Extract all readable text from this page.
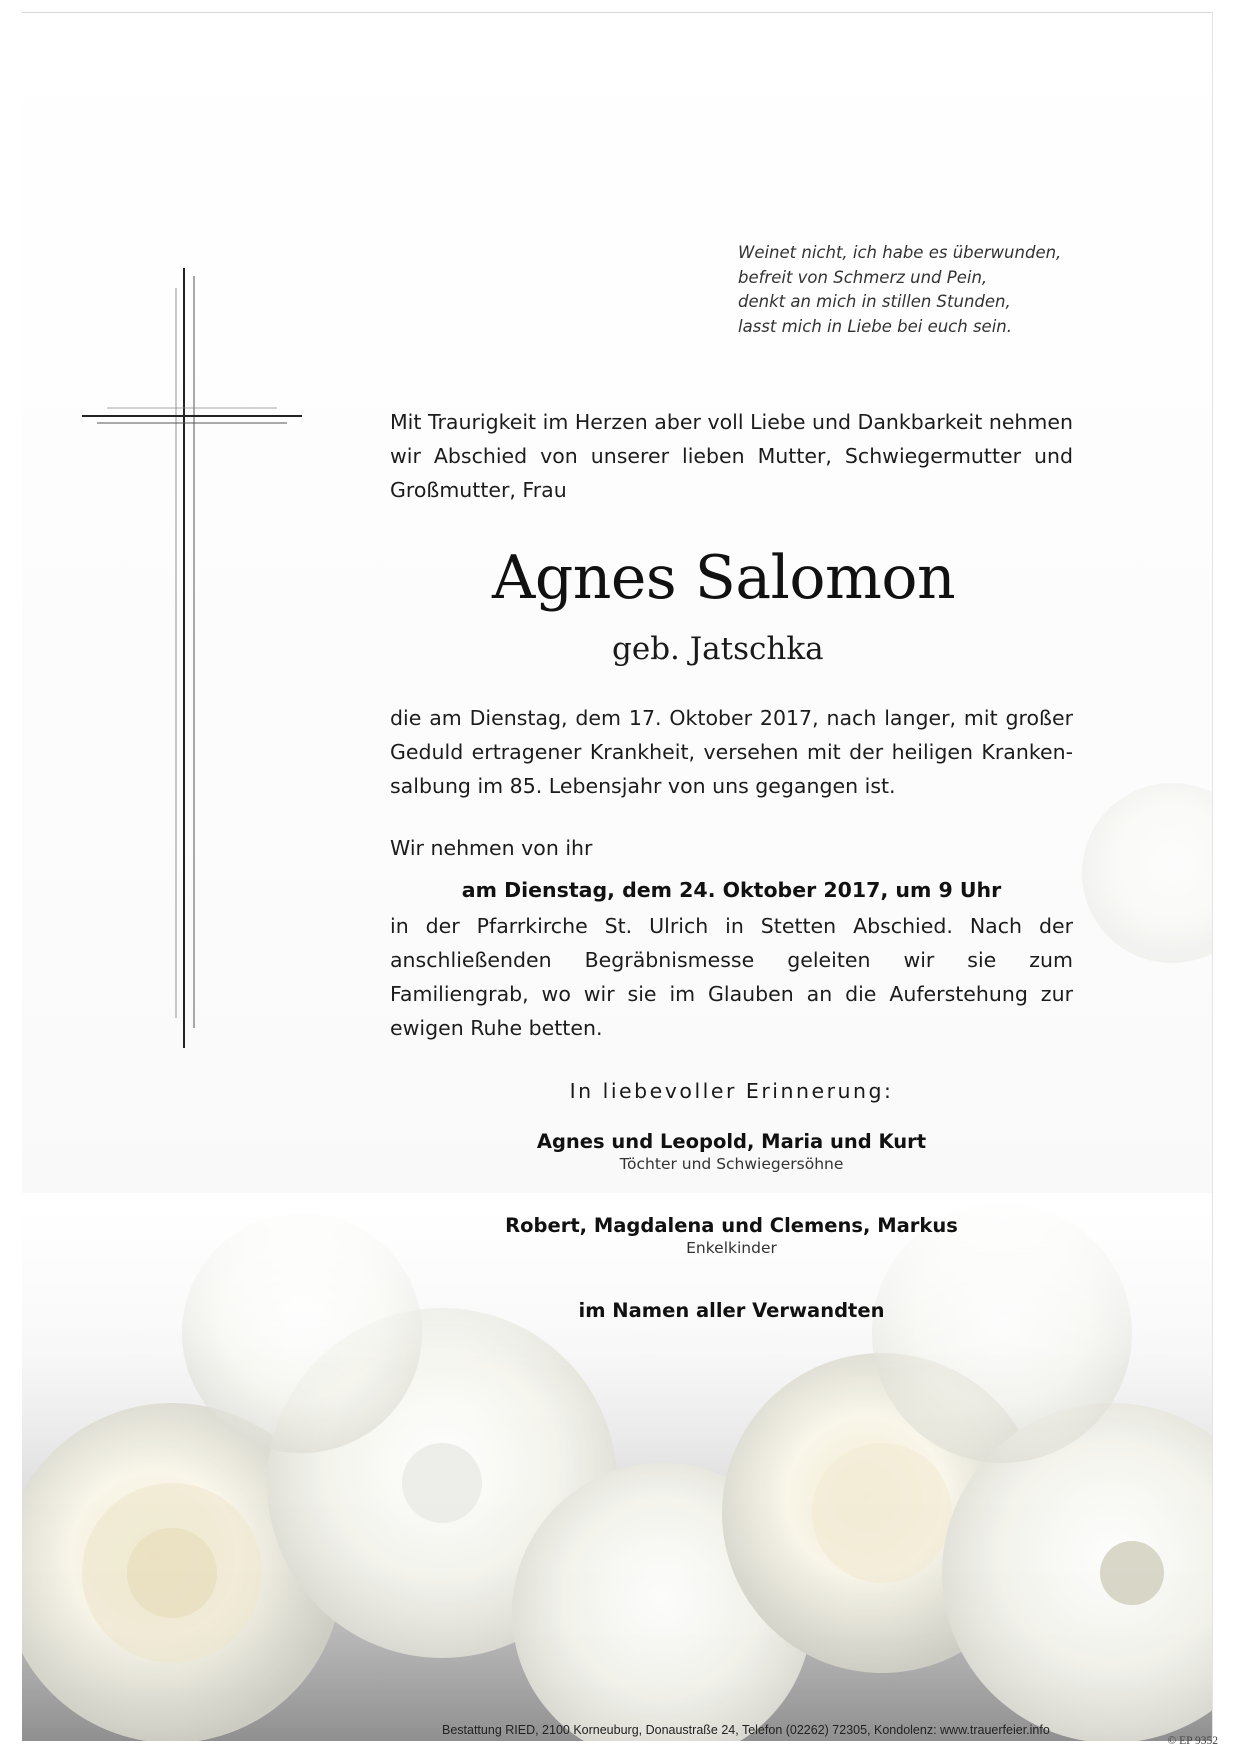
Weinet nicht, ich habe es überwunden,
befreit von Schmerz und Pein,
denkt an mich in stillen Stunden,
lasst mich in Liebe bei euch sein.
Mit Traurigkeit im Herzen aber voll Liebe und Dankbarkeit nehmen wir Abschied von unserer lieben Mutter, Schwiegermutter und Großmutter, Frau
Agnes Salomon
geb. Jatschka
die am Dienstag, dem 17. Oktober 2017, nach langer, mit großer Geduld ertragener Krankheit, versehen mit der heiligen Krankensalbung im 85. Lebensjahr von uns gegangen ist.
Wir nehmen von ihr
am Dienstag, dem 24. Oktober 2017, um 9 Uhr
in der Pfarrkirche St. Ulrich in Stetten Abschied. Nach der anschließenden Begräbnismesse geleiten wir sie zum Familiengrab, wo wir sie im Glauben an die Auferstehung zur ewigen Ruhe betten.
In liebevoller Erinnerung:
Agnes und Leopold, Maria und Kurt
Töchter und Schwiegersöhne
Robert, Magdalena und Clemens, Markus
Enkelkinder
im Namen aller Verwandten
Bestattung RIED, 2100 Korneuburg, Donaustraße 24, Telefon (02262) 72305, Kondolenz: www.trauerfeier.info
© EP 9352
